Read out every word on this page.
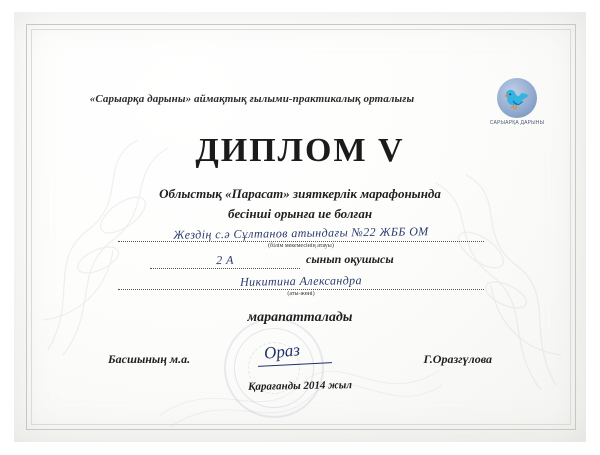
«Сарыарқа дарыны» аймақтық ғылыми-практикалық орталығы	🐦
САРЫАРҚА ДАРЫНЫ
ДИПЛОМ V
Облыстық «Парасат» зияткерлік марафонында
бесінші орынға ие болған
Жездің с.ә Сұлтанов атындағы №22 ЖББ ОМ
(білім мекемесінің атауы)
2 А	сынып оқушысы
Никитина Александра
(аты-жөні)
марапатталады
Басшының м.а.	Ораз	Г.Оразгүлова
Қарағанды 2014 жыл
